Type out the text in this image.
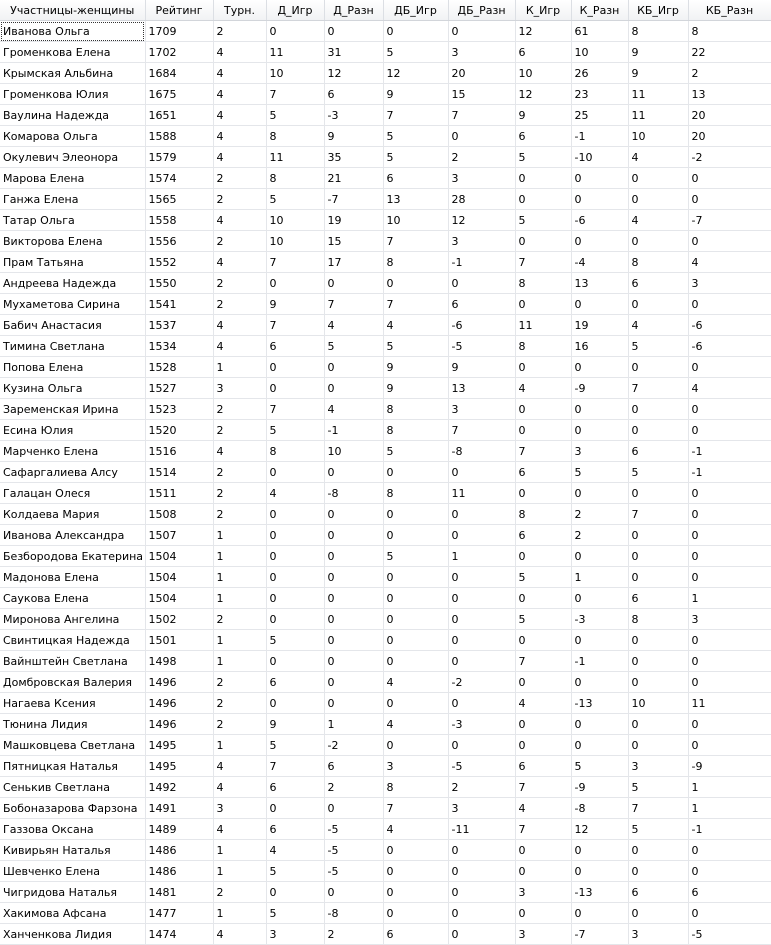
Участницы-женщины	Рейтинг	Турн.	Д_Игр	Д_Разн	ДБ_Игр	ДБ_Разн	К_Игр	К_Разн	КБ_Игр	КБ_Разн
Иванова Ольга	1709	2	0	0	0	0	12	61	8	8
Громенкова Елена	1702	4	11	31	5	3	6	10	9	22
Крымская Альбина	1684	4	10	12	12	20	10	26	9	2
Громенкова Юлия	1675	4	7	6	9	15	12	23	11	13
Ваулина Надежда	1651	4	5	-3	7	7	9	25	11	20
Комарова Ольга	1588	4	8	9	5	0	6	-1	10	20
Окулевич Элеонора	1579	4	11	35	5	2	5	-10	4	-2
Марова Елена	1574	2	8	21	6	3	0	0	0	0
Ганжа Елена	1565	2	5	-7	13	28	0	0	0	0
Татар Ольга	1558	4	10	19	10	12	5	-6	4	-7
Викторова Елена	1556	2	10	15	7	3	0	0	0	0
Прам Татьяна	1552	4	7	17	8	-1	7	-4	8	4
Андреева Надежда	1550	2	0	0	0	0	8	13	6	3
Мухаметова Сирина	1541	2	9	7	7	6	0	0	0	0
Бабич Анастасия	1537	4	7	4	4	-6	11	19	4	-6
Тимина Светлана	1534	4	6	5	5	-5	8	16	5	-6
Попова Елена	1528	1	0	0	9	9	0	0	0	0
Кузина Ольга	1527	3	0	0	9	13	4	-9	7	4
Заременская Ирина	1523	2	7	4	8	3	0	0	0	0
Есина Юлия	1520	2	5	-1	8	7	0	0	0	0
Марченко Елена	1516	4	8	10	5	-8	7	3	6	-1
Сафаргалиева Алсу	1514	2	0	0	0	0	6	5	5	-1
Галацан Олеся	1511	2	4	-8	8	11	0	0	0	0
Колдаева Мария	1508	2	0	0	0	0	8	2	7	0
Иванова Александра	1507	1	0	0	0	0	6	2	0	0
Безбородова Екатерина	1504	1	0	0	5	1	0	0	0	0
Мадонова Елена	1504	1	0	0	0	0	5	1	0	0
Саукова Елена	1504	1	0	0	0	0	0	0	6	1
Миронова Ангелина	1502	2	0	0	0	0	5	-3	8	3
Свинтицкая Надежда	1501	1	5	0	0	0	0	0	0	0
Вайнштейн Светлана	1498	1	0	0	0	0	7	-1	0	0
Домбровская Валерия	1496	2	6	0	4	-2	0	0	0	0
Нагаева Ксения	1496	2	0	0	0	0	4	-13	10	11
Тюнина Лидия	1496	2	9	1	4	-3	0	0	0	0
Машковцева Светлана	1495	1	5	-2	0	0	0	0	0	0
Пятницкая Наталья	1495	4	7	6	3	-5	6	5	3	-9
Сенькив Светлана	1492	4	6	2	8	2	7	-9	5	1
Бобоназарова Фарзона	1491	3	0	0	7	3	4	-8	7	1
Газзова Оксана	1489	4	6	-5	4	-11	7	12	5	-1
Кивирьян Наталья	1486	1	4	-5	0	0	0	0	0	0
Шевченко Елена	1486	1	5	-5	0	0	0	0	0	0
Чигридова Наталья	1481	2	0	0	0	0	3	-13	6	6
Хакимова Афсана	1477	1	5	-8	0	0	0	0	0	0
Ханченкова Лидия	1474	4	3	2	6	0	3	-7	3	-5
